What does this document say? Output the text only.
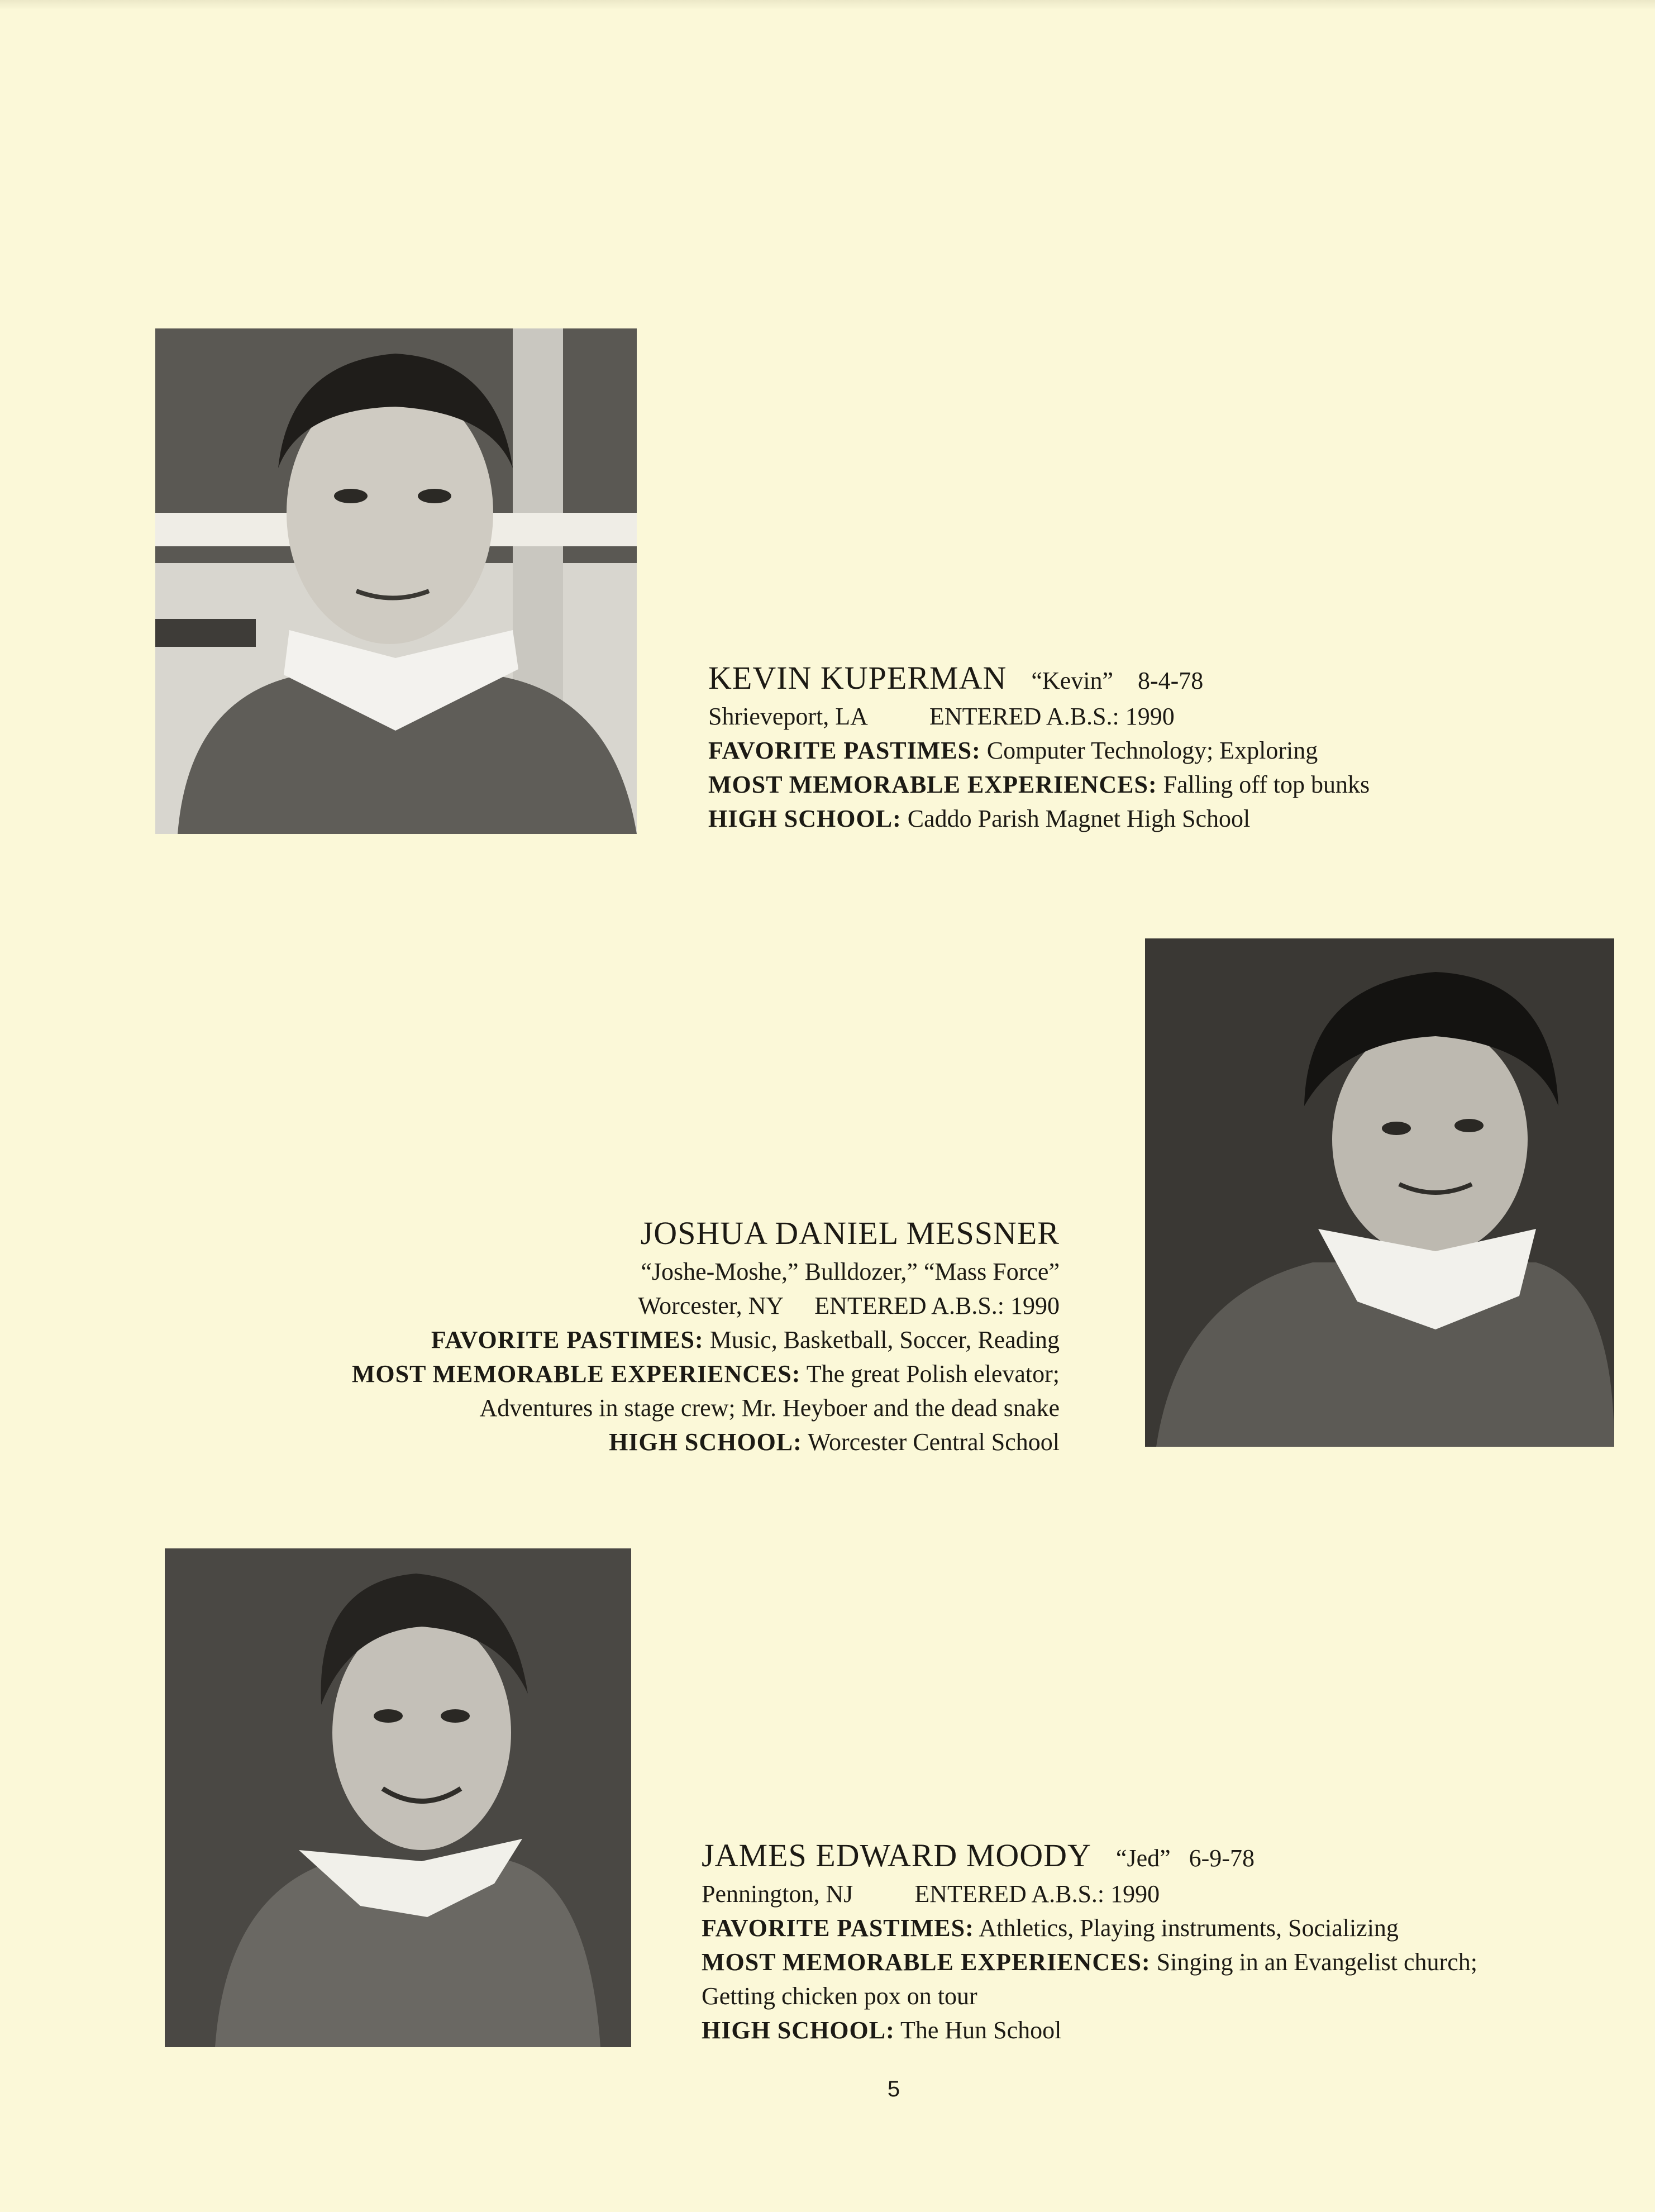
KEVIN KUPERMAN “Kevin” 8-4-78
Shrieveport, LA	ENTERED A.B.S.: 1990
FAVORITE PASTIMES: Computer Technology; Exploring
MOST MEMORABLE EXPERIENCES: Falling off top bunks
HIGH SCHOOL: Caddo Parish Magnet High School
JOSHUA DANIEL MESSNER
“Joshe-Moshe,” Bulldozer,” “Mass Force”
Worcester, NY ENTERED A.B.S.: 1990
FAVORITE PASTIMES: Music, Basketball, Soccer, Reading
MOST MEMORABLE EXPERIENCES: The great Polish elevator;
Adventures in stage crew; Mr. Heyboer and the dead snake
HIGH SCHOOL: Worcester Central School
JAMES EDWARD MOODY “Jed” 6-9-78
Pennington, NJ	ENTERED A.B.S.: 1990
FAVORITE PASTIMES: Athletics, Playing instruments, Socializing
MOST MEMORABLE EXPERIENCES: Singing in an Evangelist church;
Getting chicken pox on tour
HIGH SCHOOL: The Hun School
5
